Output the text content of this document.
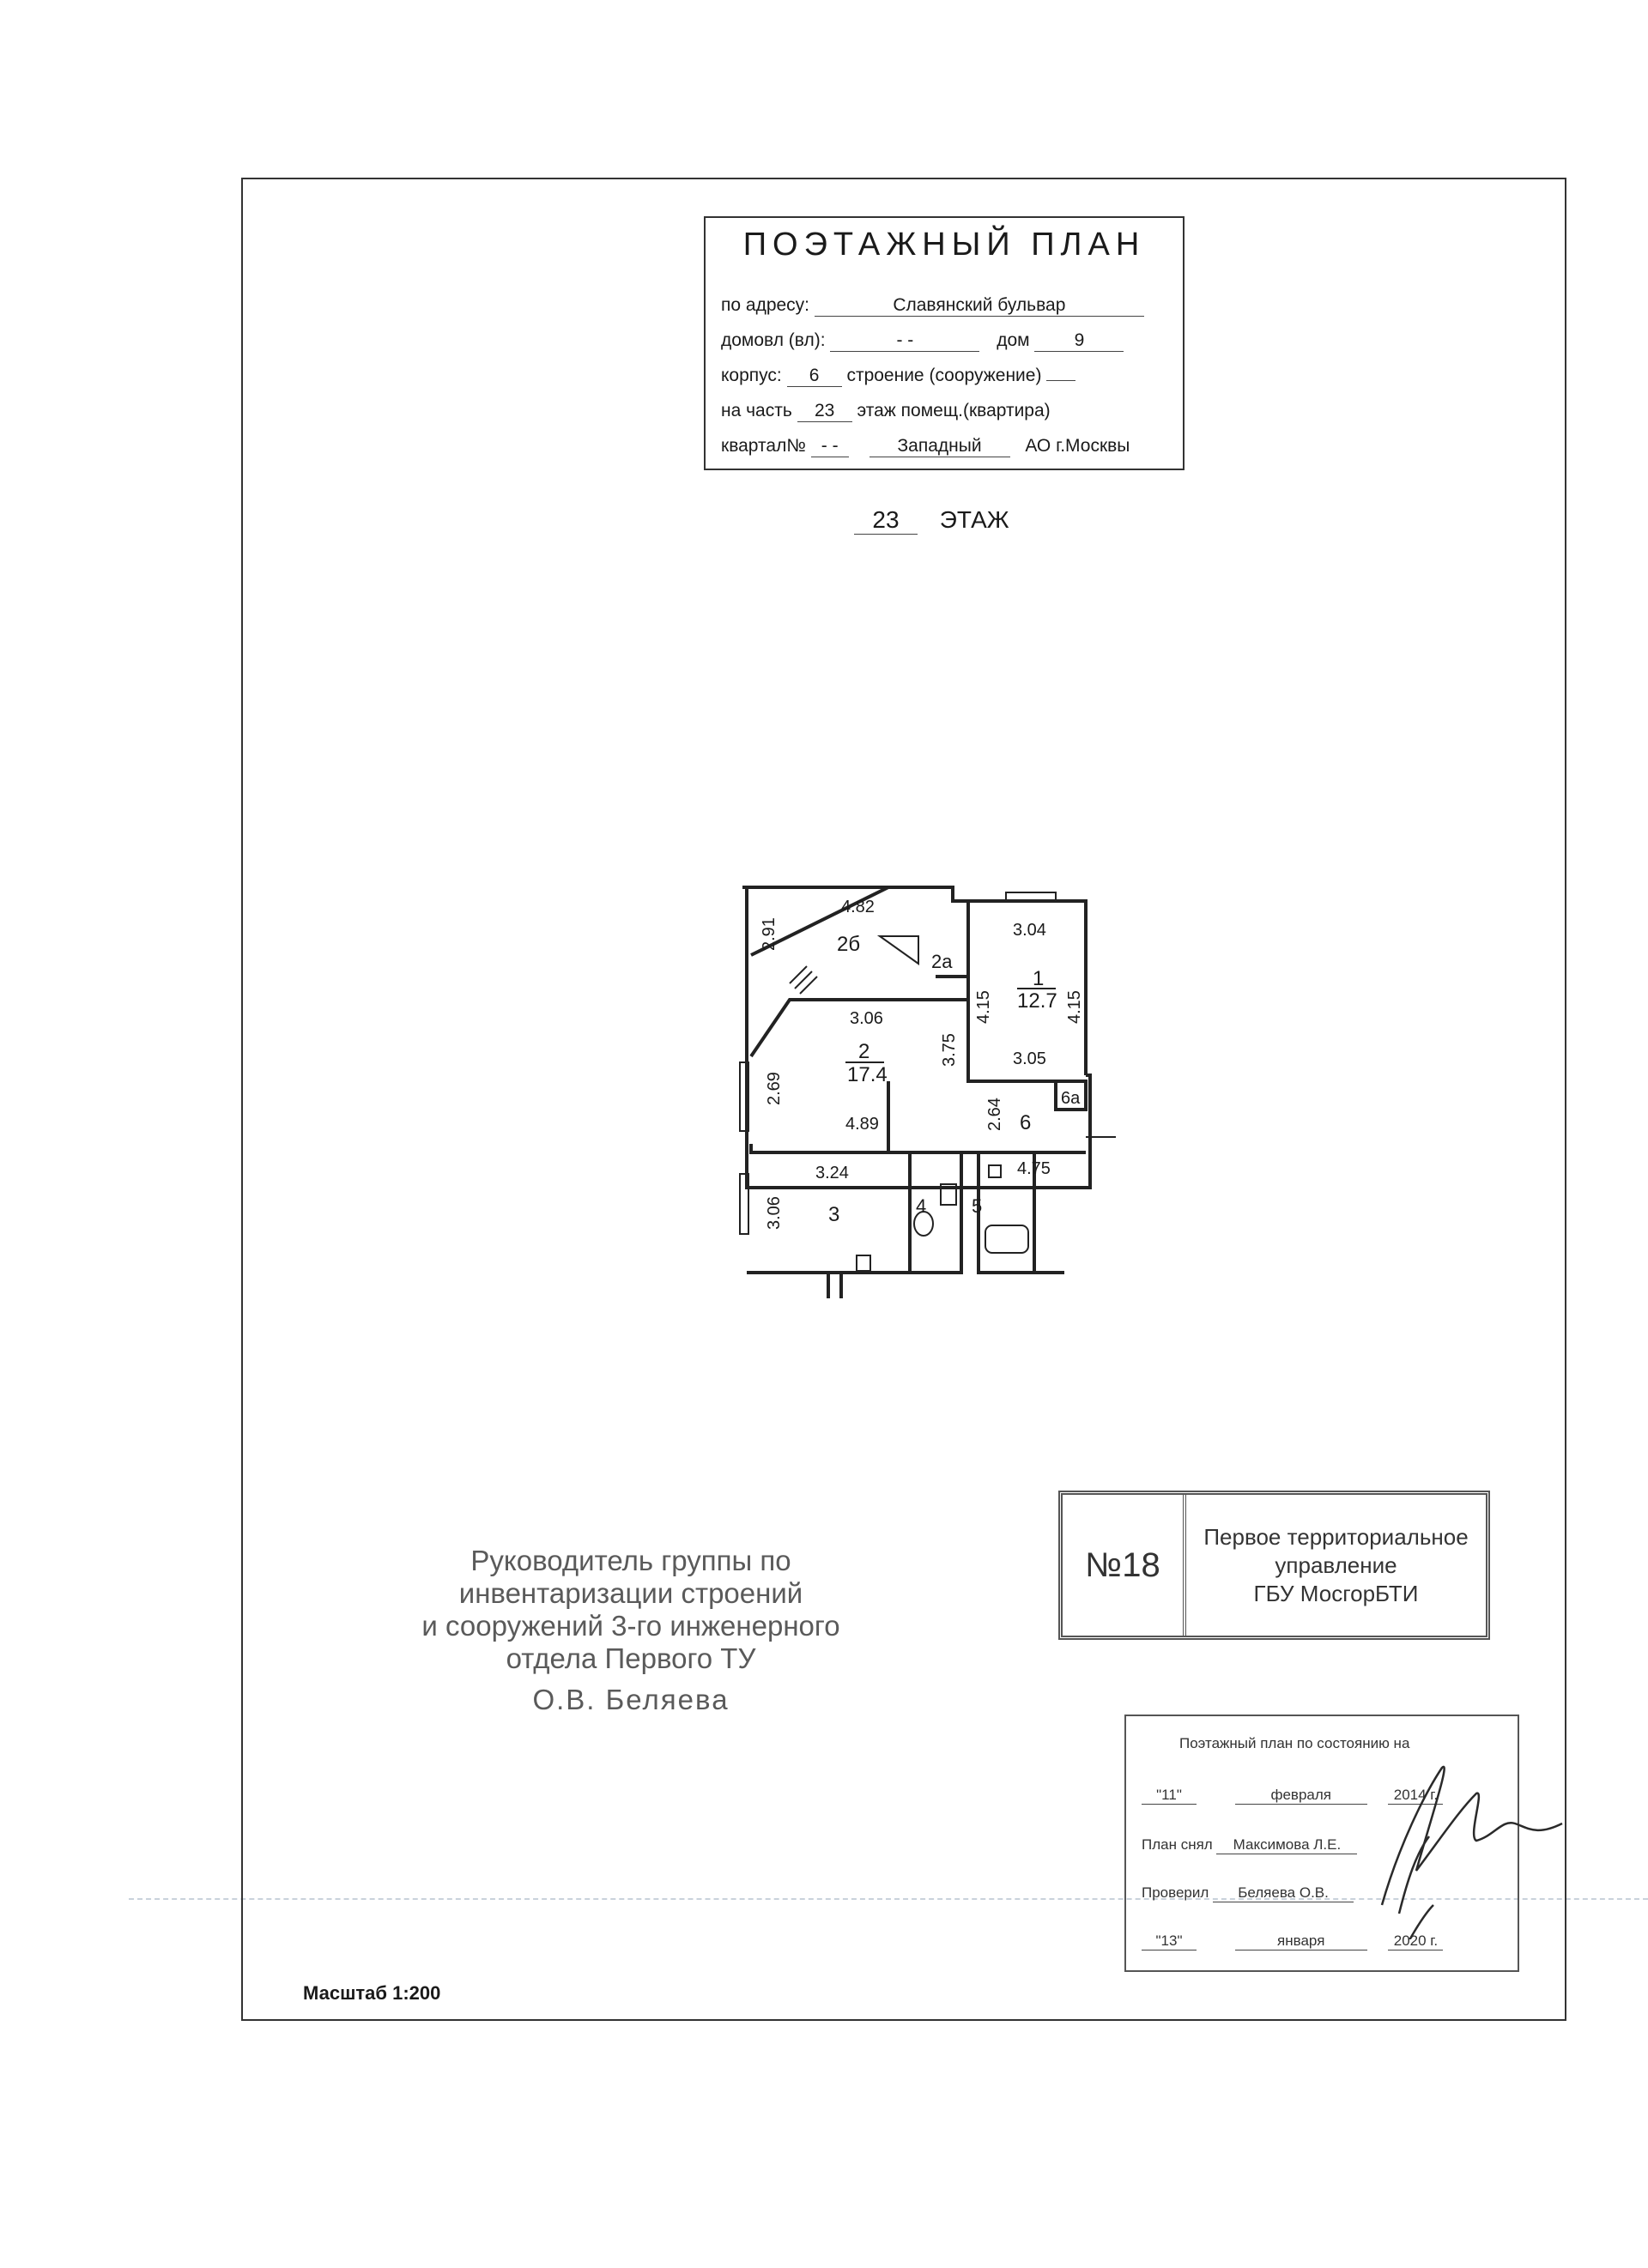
ПОЭТАЖНЫЙ ПЛАН
по адресу:	Славянский бульвар
домовл (вл):	- -	дом 9
корпус: 6 строение (сооружение)
на часть 23 этаж помещ.(квартира)
квартал№ - -	Западный АО г.Москвы
23 ЭТАЖ
4.82
2б
2.91
2а
3.06
2
17.4
2.69
3.75
4.89
3.04
1
12.7
4.15	4.15
3.05
6а
6
2.64
4.75
3.24
3
3.06	4 5
Руководитель группы по
инвентаризации строений
и сооружений 3-го инженерного
отдела Первого ТУ
О.В. Беляева
№18
Первое территориальное
управление
ГБУ МосгорБТИ
Поэтажный план по состоянию на
"11"	февраля	2014 г.
План снял Максимова Л.Е.
Проверил Беляева О.В.
"13"	января	2020 г.
Масштаб 1:200
